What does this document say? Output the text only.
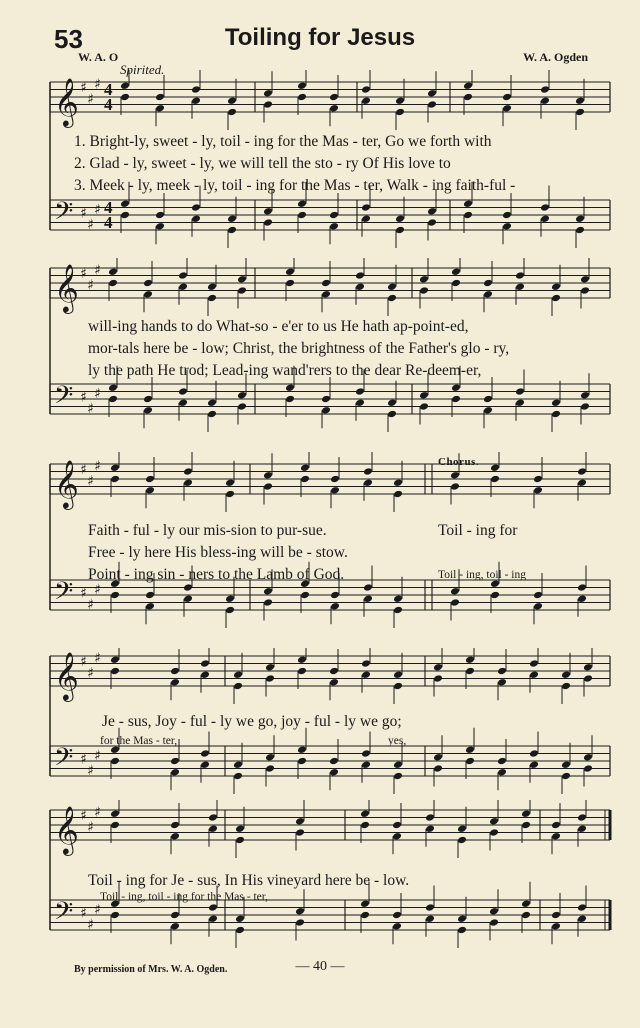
53	Toiling for Jesus
W. A. O	W. A. Ogden
Spirited.
𝄞 ♯
♯
♯ 4
4
𝄢 ♯
♯
♯ 4
4
𝄞 ♯
♯
♯
𝄢 ♯
♯
♯
𝄞 ♯
♯
♯
𝄢 ♯
♯
♯
𝄞 ♯
♯
♯
𝄢 ♯
♯
♯
𝄞 ♯
♯
♯
𝄢 ♯
♯
♯
1. Bright-ly, sweet - ly, toil - ing for the Mas - ter, Go we forth with
2. Glad - ly, sweet - ly, we will tell the sto - ry Of His love to
3. Meek - ly, meek - ly, toil - ing for the Mas - ter, Walk - ing faith-ful -
will-ing hands to do What-so - e'er to us He hath ap-point-ed,
mor-tals here be - low; Christ, the brightness of the Father's glo - ry,
ly the path He trod; Lead-ing wand'rers to the dear Re-deem-er,
Chorus.
Faith - ful - ly our mis-sion to pur-sue.
Free - ly here His bless-ing will be - stow.
Point - ing sin - ners to the Lamb of God.
Toil - ing for
Toil - ing, toil - ing
Je - sus, Joy - ful - ly we go, joy - ful - ly we go;
for the Mas - ter,	yes,
Toil - ing for Je - sus, In His vineyard here be - low.
Toil - ing, toil - ing for the Mas - ter,
By permission of Mrs. W. A. Ogden.	— 40 —
